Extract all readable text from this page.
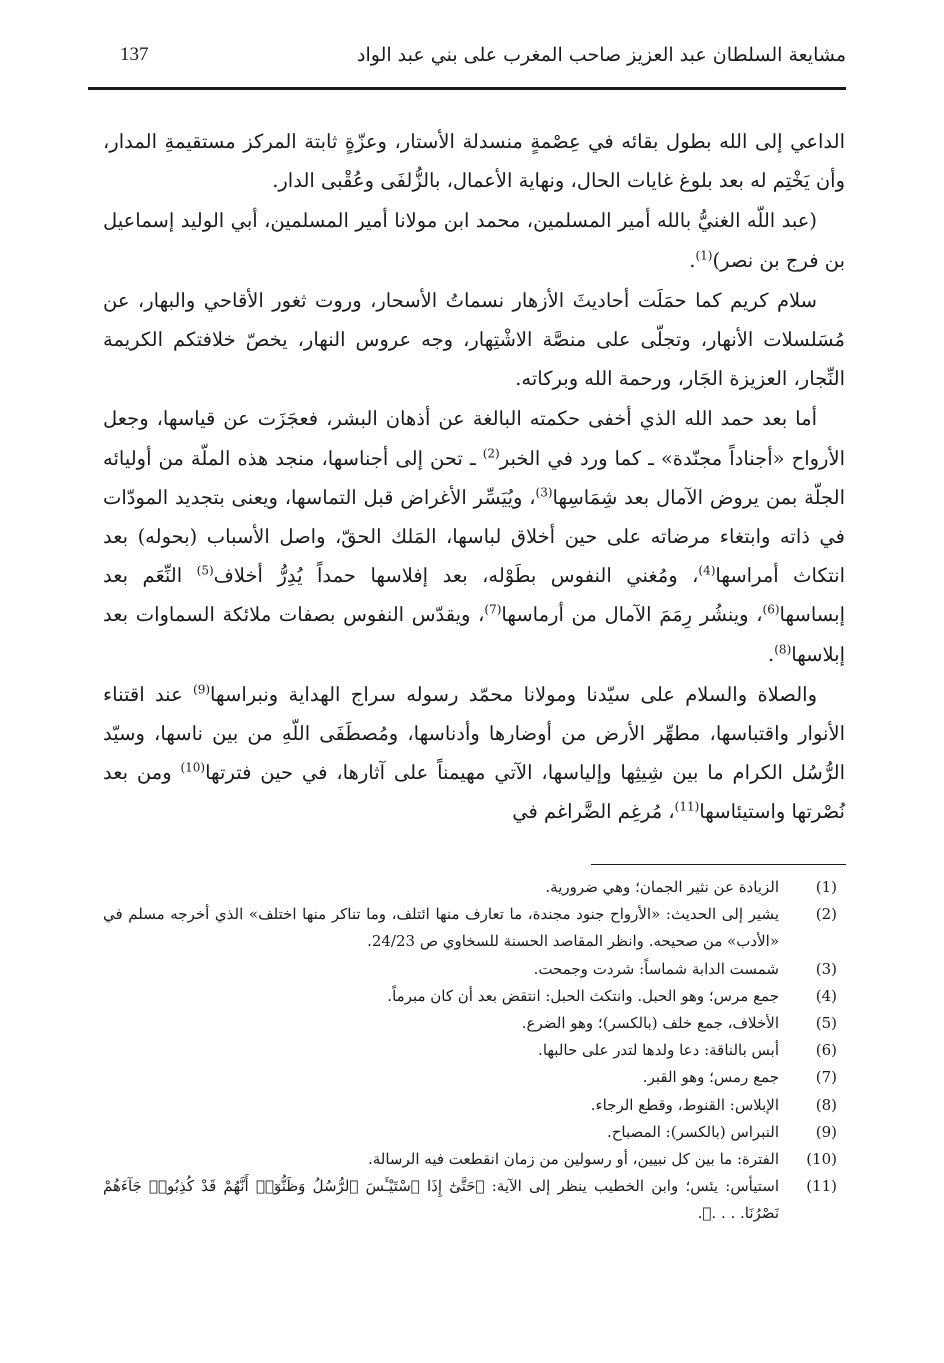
137	مشايعة السلطان عبد العزيز صاحب المغرب على بني عبد الواد

الداعي إلى الله بطول بقائه في عِصْمةٍ منسدلة الأستار، وعزّةٍ ثابتة المركز مستقيمةِ المدار، وأن يَخْتِم له بعد بلوغ غايات الحال، ونهاية الأعمال، بالزُّلفَى وعُقْبى الدار.

(عبد اللّه الغنيُّ بالله أمير المسلمين، محمد ابن مولانا أمير المسلمين، أبي الوليد إسماعيل بن فرج بن نصر)$^{(1)}$.

سلام كريم كما حمَلَت أحاديثَ الأزهار نسماتُ الأسحار، وروت ثغور الأقاحي والبهار، عن مُسَلسلات الأنهار، وتجلّى على منصَّة الاشْتِهار، وجه عروس النهار، يخصّ خلافتكم الكريمة النِّجار، العزيزة الجَار، ورحمة الله وبركاته.

أما بعد حمد الله الذي أخفى حكمته البالغة عن أذهان البشر، فعجَزَت عن قياسها، وجعل الأرواح «أجناداً مجنّدة» ـ كما ورد في الخبر$^{(2)}$ ـ تحن إلى أجناسها، منجد هذه الملّة من أوليائه الجلّة بمن يروض الآمال بعد شِمَاسِها$^{(3)}$، ويُيَسِّر الأغراض قبل التماسها، ويعنى بتجديد المودّات في ذاته وابتغاء مرضاته على حين أخلاق لباسها، المَلك الحقّ، واصل الأسباب (بحوله) بعد انتكاث أمراسها$^{(4)}$، ومُغني النفوس بطَوْله، بعد إفلاسها حمداً يُدِرُّ أخلاف$^{(5)}$ النِّعَم بعد إبساسها$^{(6)}$، وينشُر رِمَمَ الآمال من أرماسها$^{(7)}$، ويقدّس النفوس بصفات ملائكة السماوات بعد إبلاسها$^{(8)}$.

والصلاة والسلام على سيّدنا ومولانا محمّد رسوله سراج الهداية ونبراسها$^{(9)}$ عند اقتناء الأنوار واقتباسها، مطهِّر الأرض من أوضارها وأدناسها، ومُصطَفَى اللّهِ من بين ناسها، وسيّد الرُّسُل الكرام ما بين شِيثِها وإلياسها، الآتي مهيمناً على آثارها، في حين فترتها$^{(10)}$ ومن بعد نُصْرتها واستيئاسها$^{(11)}$، مُرغِم الضَّراغم في

(1)
الزيادة عن نثير الجمان؛ وهي ضرورية.

(2)
يشير إلى الحديث: «الأرواح جنود مجندة، ما تعارف منها ائتلف، وما تناكر منها اختلف» الذي أخرجه مسلم في «الأدب» من صحيحه. وانظر المقاصد الحسنة للسخاوي ص 24/23.

(3)
شمست الدابة شماساً: شردت وجمحت.

(4)
جمع مرس؛ وهو الحبل. وانتكث الحبل: انتقض بعد أن كان مبرماً.

(5)
الأخلاف، جمع خلف (بالكسر)؛ وهو الضرع.

(6)
أبس بالناقة: دعا ولدها لتدر على حالبها.

(7)
جمع رمس؛ وهو القبر.

(8)
الإبلاس: القنوط، وقطع الرجاء.

(9)
النبراس (بالكسر): المصباح.

(10)
الفترة: ما بين كل نبيين، أو رسولين من زمان انقطعت فيه الرسالة.

(11)
استيأس: يئس؛ وابن الخطيب ينظر إلى الآية: ﴿حَتَّىٰٓ إِذَا ٱسْتَيْـَٔسَ ٱلرُّسُلُ وَظَنُّوٓا۟ أَنَّهُمْ قَدْ كُذِبُوا۟ جَآءَهُمْ نَصْرُنَا. . . .﴾.
